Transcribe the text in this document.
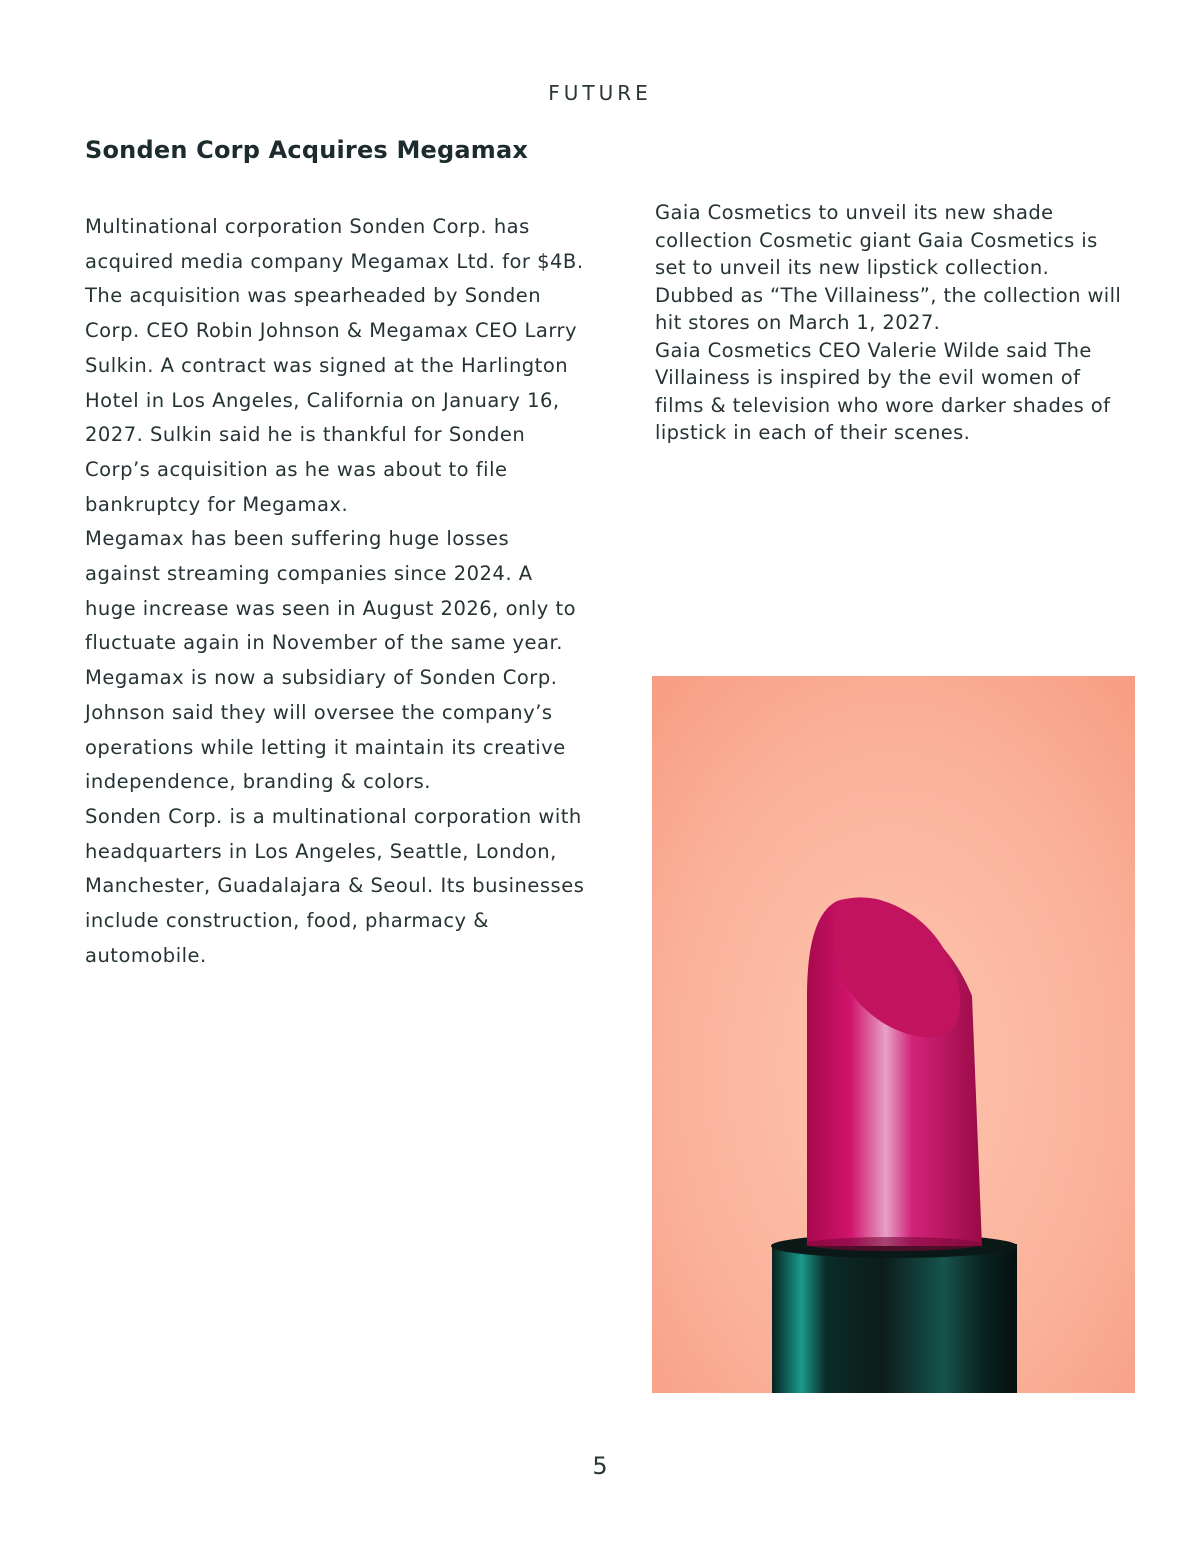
FUTURE
Sonden Corp Acquires Megamax

Multinational corporation Sonden Corp. has acquired media company Megamax Ltd. for $4B.

The acquisition was spearheaded by Sonden Corp. CEO Robin Johnson & Megamax CEO Larry Sulkin. A contract was signed at the Harlington Hotel in Los Angeles, California on January 16, 2027. Sulkin said he is thankful for Sonden Corp’s acquisition as he was about to file bankruptcy for Megamax.

Megamax has been suffering huge losses against streaming companies since 2024. A huge increase was seen in August 2026, only to fluctuate again in November of the same year.

Megamax is now a subsidiary of Sonden Corp. Johnson said they will oversee the company’s operations while letting it maintain its creative independence, branding & colors.

Sonden Corp. is a multinational corporation with headquarters in Los Angeles, Seattle, London, Manchester, Guadalajara & Seoul. Its businesses include construction, food, pharmacy & automobile.

Gaia Cosmetics to unveil its new shade collection Cosmetic giant Gaia Cosmetics is set to unveil its new lipstick collection. Dubbed as “The Villainess”, the collection will hit stores on March 1, 2027.

Gaia Cosmetics CEO Valerie Wilde said The Villainess is inspired by the evil women of films & television who wore darker shades of lipstick in each of their scenes.

5
